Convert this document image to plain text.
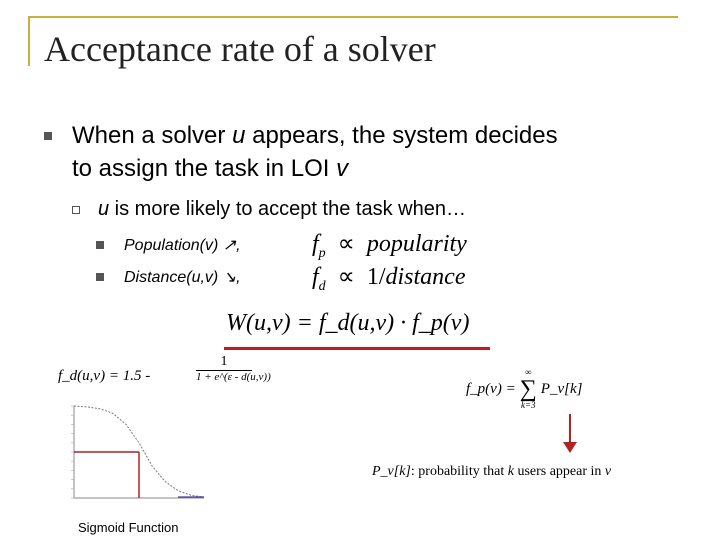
Acceptance rate of a solver
When a solver u appears, the system decides
to assign the task in LOI v
u is more likely to accept the task when…
Population(v) ↗,	$f_p$ ∝ popularity
Distance(u,v) ↘,	$f_d$ ∝ 1/distance
W(u,v) = f_d(u,v) · f_p(v)
f_d(u,v) = 1.5 -
1
1 + e^(ε - d(u,v))
f_p(v) =
∞
∑
k=3
P_v[k]
P_v[k]: probability that k users appear in v
Sigmoid Function
